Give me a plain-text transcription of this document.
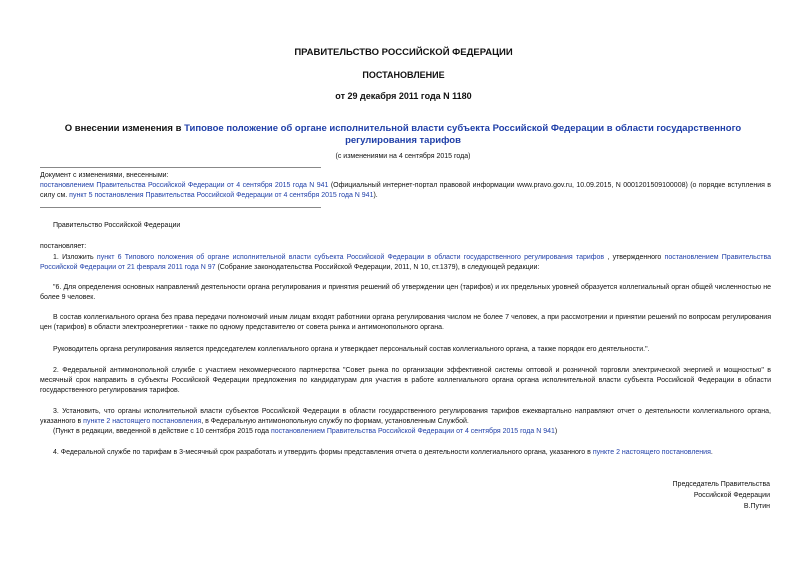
ПРАВИТЕЛЬСТВО РОССИЙСКОЙ ФЕДЕРАЦИИ
ПОСТАНОВЛЕНИЕ
от 29 декабря 2011 года N 1180
О внесении изменения в Типовое положение об органе исполнительной власти субъекта Российской Федерации в области государственного регулирования тарифов
(с изменениями на 4 сентября 2015 года)
Документ с изменениями, внесенными:
постановлением Правительства Российской Федерации от 4 сентября 2015 года N 941 (Официальный интернет-портал правовой информации www.pravo.gov.ru, 10.09.2015, N 0001201509100008) (о порядке вступления в силу см. пункт 5 постановления Правительства Российской Федерации от 4 сентября 2015 года N 941).
Правительство Российской Федерации
постановляет:
1. Изложить пункт 6 Типового положения об органе исполнительной власти субъекта Российской Федерации в области государственного регулирования тарифов , утвержденного постановлением Правительства Российской Федерации от 21 февраля 2011 года N 97 (Собрание законодательства Российской Федерации, 2011, N 10, ст.1379), в следующей редакции:
"6. Для определения основных направлений деятельности органа регулирования и принятия решений об утверждении цен (тарифов) и их предельных уровней образуется коллегиальный орган общей численностью не более 9 человек.
В состав коллегиального органа без права передачи полномочий иным лицам входят работники органа регулирования числом не более 7 человек, а при рассмотрении и принятии решений по вопросам регулирования цен (тарифов) в области электроэнергетики - также по одному представителю от совета рынка и антимонопольного органа.
Руководитель органа регулирования является председателем коллегиального органа и утверждает персональный состав коллегиального органа, а также порядок его деятельности.".
2. Федеральной антимонопольной службе с участием некоммерческого партнерства "Совет рынка по организации эффективной системы оптовой и розничной торговли электрической энергией и мощностью" в месячный срок направить в субъекты Российской Федерации предложения по кандидатурам для участия в работе коллегиального органа органа исполнительной власти субъекта Российской Федерации в области государственного регулирования тарифов.
3. Установить, что органы исполнительной власти субъектов Российской Федерации в области государственного регулирования тарифов ежеквартально направляют отчет о деятельности коллегиального органа, указанного в пункте 2 настоящего постановления, в Федеральную антимонопольную службу по формам, установленным Службой.
(Пункт в редакции, введенной в действие с 10 сентября 2015 года постановлением Правительства Российской Федерации от 4 сентября 2015 года N 941)
4. Федеральной службе по тарифам в 3-месячный срок разработать и утвердить формы представления отчета о деятельности коллегиального органа, указанного в пункте 2 настоящего постановления.
Председатель Правительства
Российской Федерации
В.Путин
